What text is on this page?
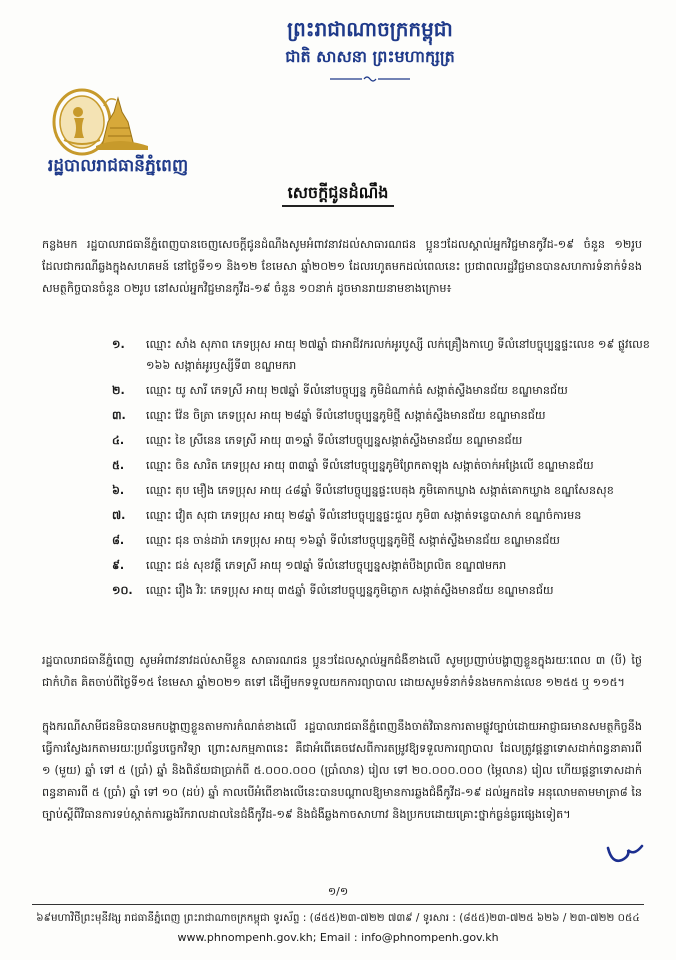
ព្រះរាជាណាចក្រកម្ពុជា
ជាតិ សាសនា ព្រះមហាក្សត្រ
រដ្ឋបាលរាជធានីភ្នំពេញ
សេចក្តីជូនដំណឹង
កន្លងមក រដ្ឋបាលរាជធានីភ្នំពេញបានចេញសេចក្តីជូនដំណឹងសូមអំពាវនាវដល់សាធារណជន ប្អូនៗដែលស្គាល់អ្នកវិជ្ជមានកូវីដ-១៩ ចំនួន ១២រូប ដែលជាករណីឆ្លងក្នុងសហគមន៍ នៅថ្ងៃទី១១ និង១២ ខែមេសា ឆ្នាំ២០២១ ដែលរហូតមកដល់ពេលនេះ ប្រជាពលរដ្ឋវិជ្ជមានបានសហការទំនាក់ទំនងសមត្ថកិច្ចបានចំនួន ០២រូប នៅសល់អ្នកវិជ្ជមានកូវីដ-១៩ ចំនួន ១០នាក់ ដូចមានរាយនាមខាងក្រោម៖
១. ឈ្មោះ សាំង សុភាព ភេទប្រុស អាយុ ២៧ឆ្នាំ ជាអាជីវករលក់អូរបូស្សី លក់គ្រឿងកាហ្វេ ទីលំនៅបច្ចុប្បន្នផ្ទះលេខ ១៩ ផ្លូវលេខ ១៦៦ សង្កាត់អូរឫស្សីទី៣ ខណ្ឌមករា
២. ឈ្មោះ យូ សារី ភេទស្រី អាយុ ២៧ឆ្នាំ ទីលំនៅបច្ចុប្បន្ន ភូមិដំណាក់ធំ សង្កាត់ស្ទឹងមានជ័យ ខណ្ឌមានជ័យ
៣. ឈ្មោះ វ៉ែន ចិត្រា ភេទប្រុស អាយុ ២៨ឆ្នាំ ទីលំនៅបច្ចុប្បន្នភូមិថ្មី សង្កាត់ស្ទឹងមានជ័យ ខណ្ឌមានជ័យ
៤. ឈ្មោះ ខៃ ស្រីនេន ភេទស្រី អាយុ ៣១ឆ្នាំ ទីលំនៅបច្ចុប្បន្នសង្កាត់ស្ទឹងមានជ័យ ខណ្ឌមានជ័យ
៥. ឈ្មោះ ចិន សារិត ភេទប្រុស អាយុ ៣៣ឆ្នាំ ទីលំនៅបច្ចុប្បន្នភូមិព្រែកតាឡុង សង្កាត់ចាក់អង្រែលើ ខណ្ឌមានជ័យ
៦. ឈ្មោះ តុប មឿង ភេទប្រុស អាយុ ៤៨ឆ្នាំ ទីលំនៅបច្ចុប្បន្នផ្ទះបេតុង ភូមិគោកឃ្លាង សង្កាត់គោកឃ្លាង ខណ្ឌសែនសុខ
៧. ឈ្មោះ វ៉ៀត សុជា ភេទប្រុស អាយុ ២៨ឆ្នាំ ទីលំនៅបច្ចុប្បន្នផ្ទះជួល ភូមិ៣ សង្កាត់ទន្លេបាសាក់ ខណ្ឌចំការមន
៨. ឈ្មោះ ជុន ចាន់ដារ៉ា ភេទប្រុស អាយុ ១៦ឆ្នាំ ទីលំនៅបច្ចុប្បន្នភូមិថ្មី សង្កាត់ស្ទឹងមានជ័យ ខណ្ឌមានជ័យ
៩. ឈ្មោះ ជន់ សុខវត្តី ភេទស្រី អាយុ ១៧ឆ្នាំ ទីលំនៅបច្ចុប្បន្នសង្កាត់បឹងព្រលិត ខណ្ឌ៧មករា
១០. ឈ្មោះ រឿង វិរៈ ភេទប្រុស អាយុ ៣៥ឆ្នាំ ទីលំនៅបច្ចុប្បន្នភូមិភ្លោក សង្កាត់ស្ទឹងមានជ័យ ខណ្ឌមានជ័យ
រដ្ឋបាលរាជធានីភ្នំពេញ សូមអំពាវនាវដល់សាមីខ្លួន សាធារណជន ប្អូនៗដែលស្គាល់អ្នកជំងឺខាងលើ សូមប្រញាប់បង្ហាញខ្លួនក្នុងរយៈពេល ៣ (បី) ថ្ងៃជាកំហិត គិតចាប់ពីថ្ងៃទី១៥ ខែមេសា ឆ្នាំ២០២១ តទៅ ដើម្បីមកទទួលយកការព្យាបាល ដោយសូមទំនាក់ទំនងមកកាន់លេខ ១២៥៥ ឬ ១១៥។
ក្នុងករណីសាមីជនមិនបានមកបង្ហាញខ្លួនតាមការកំណត់ខាងលើ រដ្ឋបាលរាជធានីភ្នំពេញនឹងចាត់វិធានការតាមផ្លូវច្បាប់ដោយអាជ្ញាធរមានសមត្ថកិច្ចនឹងធ្វើការស្វែងរកតាមរយៈប្រព័ន្ធបច្ចេកវិទ្យា ព្រោះសកម្មភាពនេះ គឺជាអំពើគេចវេសពីការតម្រូវឱ្យទទួលការព្យាបាល ដែលត្រូវផ្តន្ទាទោសដាក់ពន្ធនាគារពី ១ (មួយ) ឆ្នាំ ទៅ ៥ (ប្រាំ) ឆ្នាំ និងពិន័យជាប្រាក់ពី ៥.០០០.០០០ (ប្រាំលាន) រៀល ទៅ ២០.០០០.០០០ (ម្ភៃលាន) រៀល ហើយផ្តន្ទាទោសដាក់ពន្ធនាគារពី ៥ (ប្រាំ) ឆ្នាំ ទៅ ១០ (ដប់) ឆ្នាំ កាលបើអំពើខាងលើនេះបានបណ្តាលឱ្យមានការឆ្លងជំងឺកូវីដ-១៩ ដល់អ្នកដទៃ អនុលោមតាមមាត្រា៨ នៃច្បាប់ស្តីពីវិធានការទប់ស្កាត់ការឆ្លងរីករាលដាលនៃជំងឺកូវីដ-១៩ និងជំងឺឆ្លងកាចសាហាវ និងប្រកបដោយគ្រោះថ្នាក់ធ្ងន់ធ្ងរផ្សេងទៀត។
១/១
៦៩មហាវិថីព្រះមុនីវង្ស រាជធានីភ្នំពេញ ព្រះរាជាណាចក្រកម្ពុជា ទូរស័ព្ទ : (៨៥៥)២៣-៧២២ ៧៣៩ / ទូរសារ : (៨៥៥)២៣-៧២៥ ៦២៦ / ២៣-៧២២ ០៥៤
www.phnompenh.gov.kh; Email : info@phnompenh.gov.kh
